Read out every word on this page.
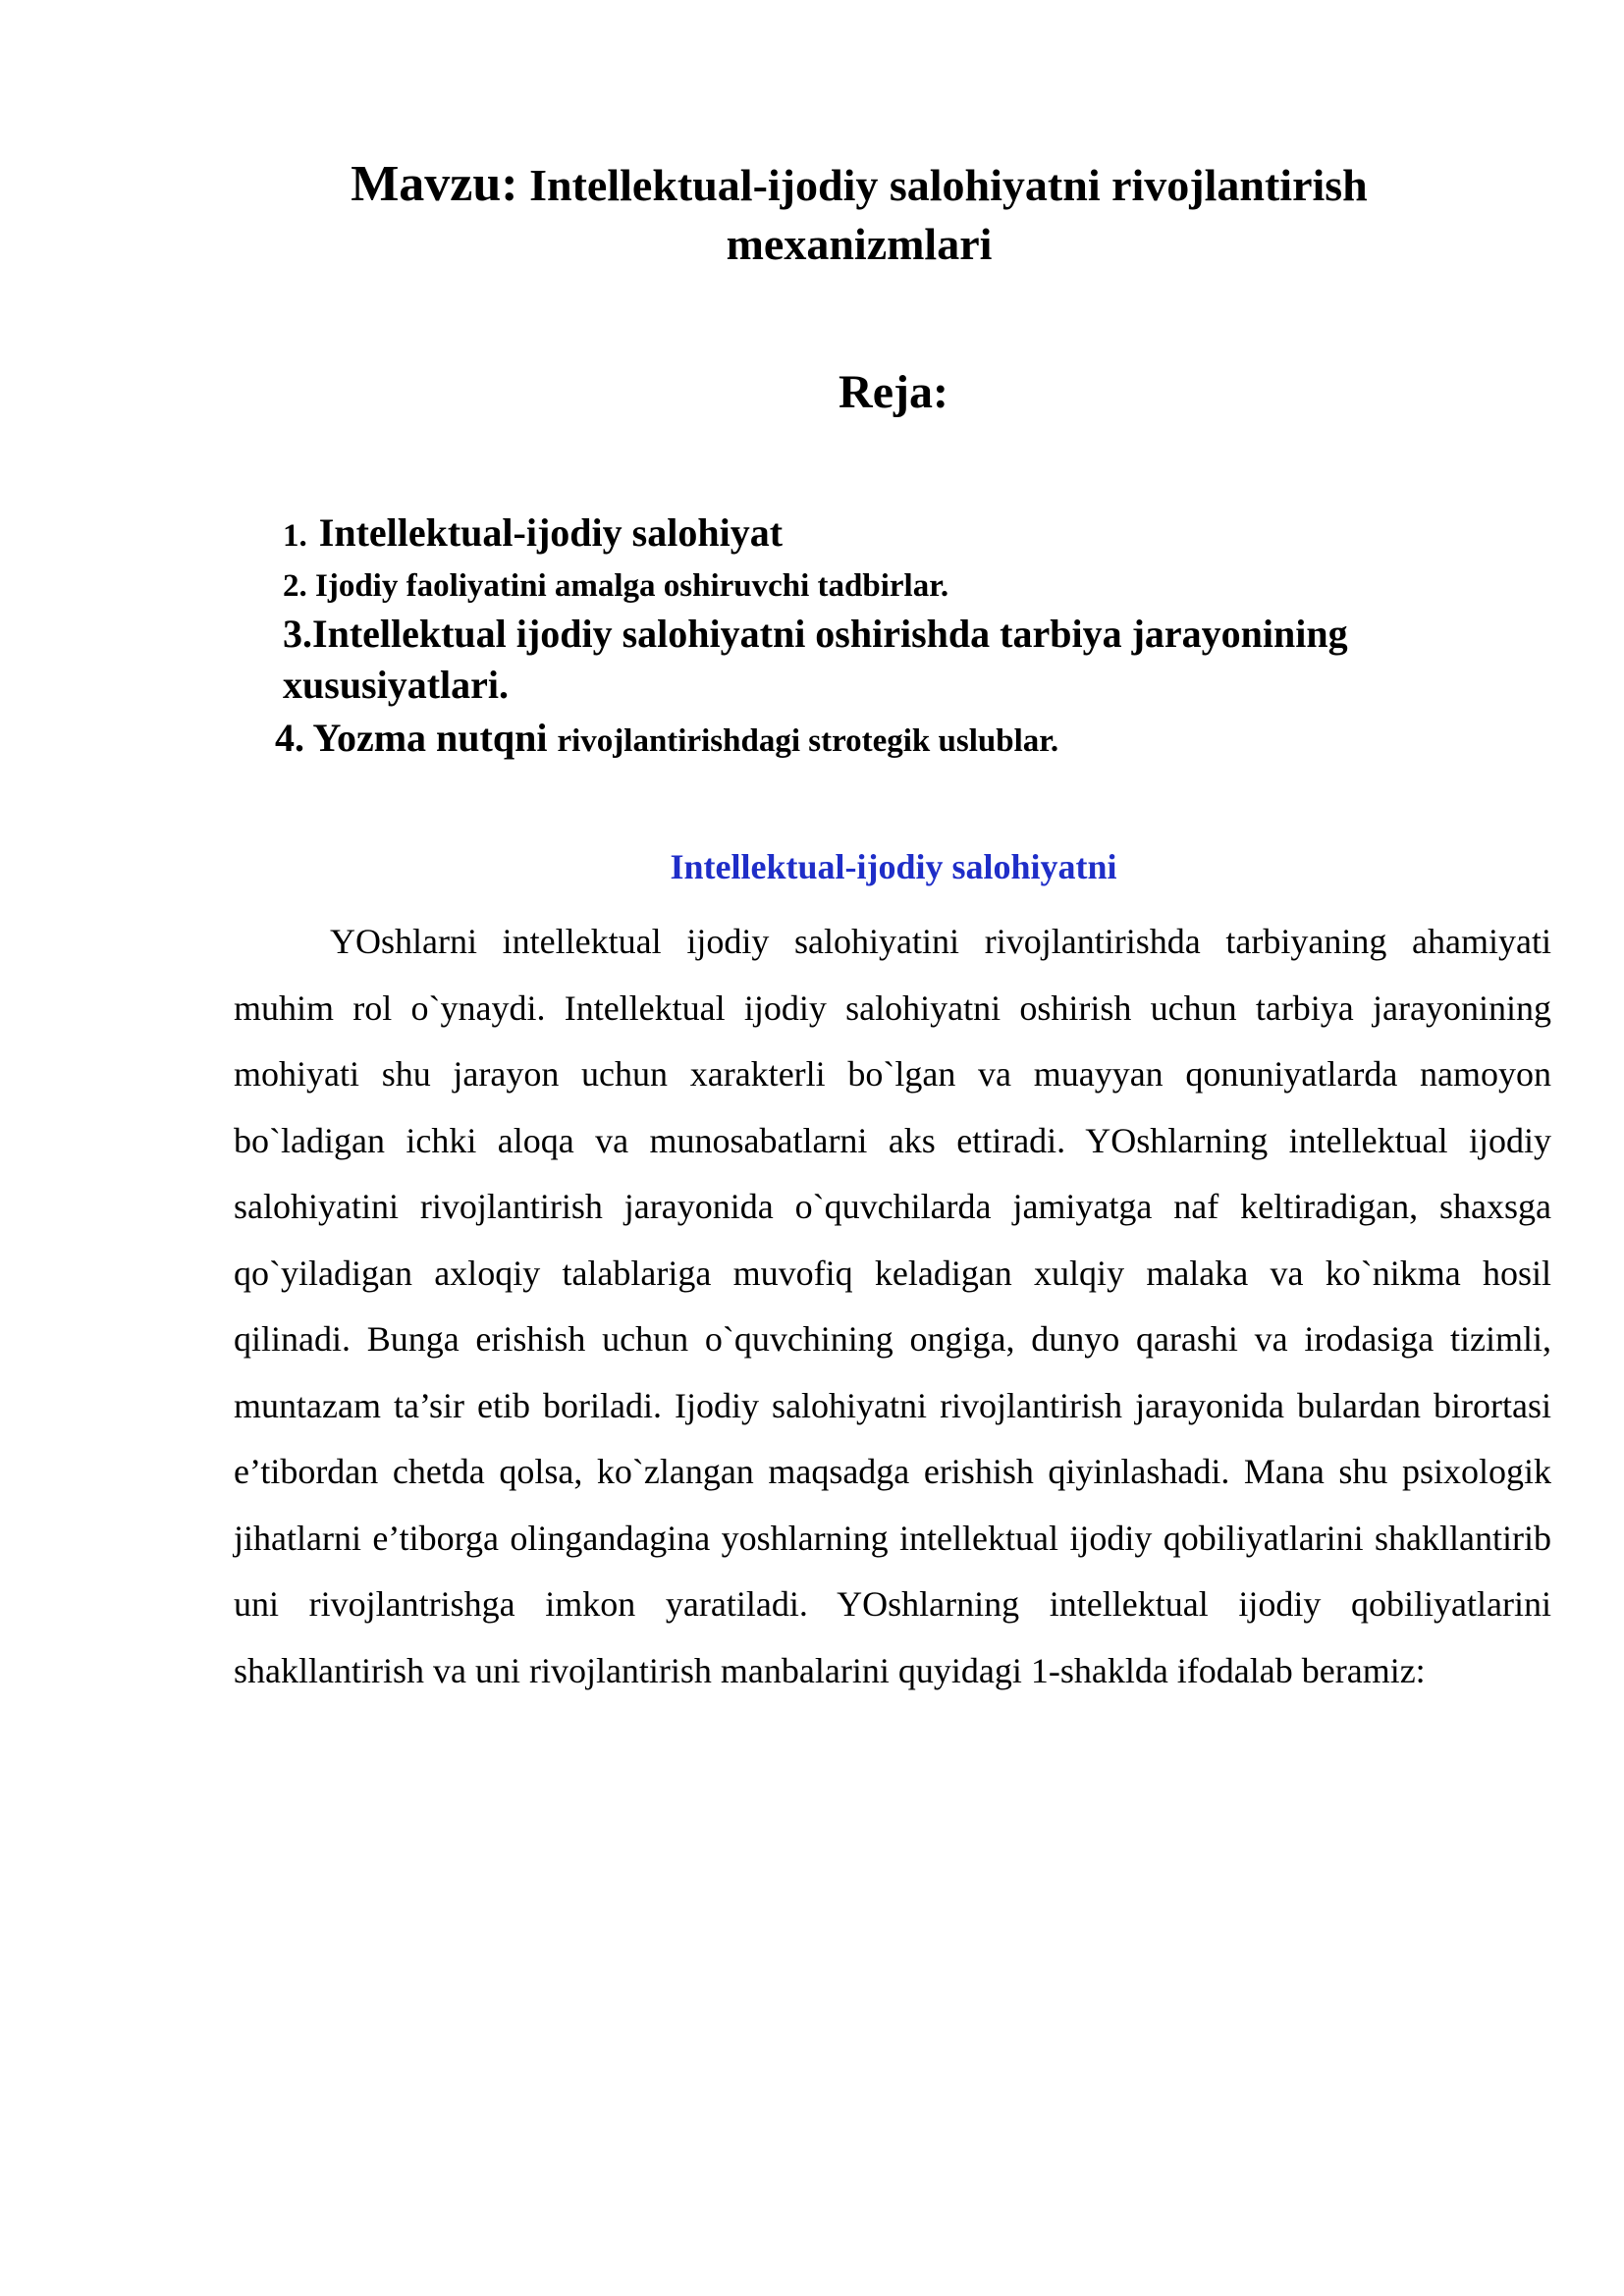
Mavzu: Intellektual-ijodiy salohiyatni rivojlantirish mexanizmlari
Reja:

1. Intellektual-ijodiy salohiyat

2. Ijodiy faoliyatini amalga oshiruvchi tadbirlar.

3.Intellektual ijodiy salohiyatni oshirishda tarbiya jarayonining xususiyatlari.

4. Yozma nutqni rivojlantirishdagi strotegik uslublar.

Intellektual-ijodiy salohiyatni

YOshlarni intellektual ijodiy salohiyatini rivojlantirishda tarbiyaning ahamiyati muhim rol o`ynaydi. Intellektual ijodiy salohiyatni oshirish uchun tarbiya jarayonining mohiyati shu jarayon uchun xarakterli bo`lgan va muayyan qonuniyatlarda namoyon bo`ladigan ichki aloqa va munosabatlarni aks ettiradi. YOshlarning intellektual ijodiy salohiyatini rivojlantirish jarayonida o`quvchilarda jamiyatga naf keltiradigan, shaxsga qo`yiladigan axloqiy talablariga muvofiq keladigan xulqiy malaka va ko`nikma hosil qilinadi. Bunga erishish uchun o`quvchining ongiga, dunyo qarashi va irodasiga tizimli, muntazam ta’sir etib boriladi. Ijodiy salohiyatni rivojlantirish jarayonida bulardan birortasi e’tibordan chetda qolsa, ko`zlangan maqsadga erishish qiyinlashadi. Mana shu psixologik jihatlarni e’tiborga olingandagina yoshlarning intellektual ijodiy qobiliyatlarini shakllantirib uni rivojlantrishga imkon yaratiladi. YOshlarning intellektual ijodiy qobiliyatlarini shakllantirish va uni rivojlantirish manbalarini quyidagi 1-shaklda ifodalab beramiz:
